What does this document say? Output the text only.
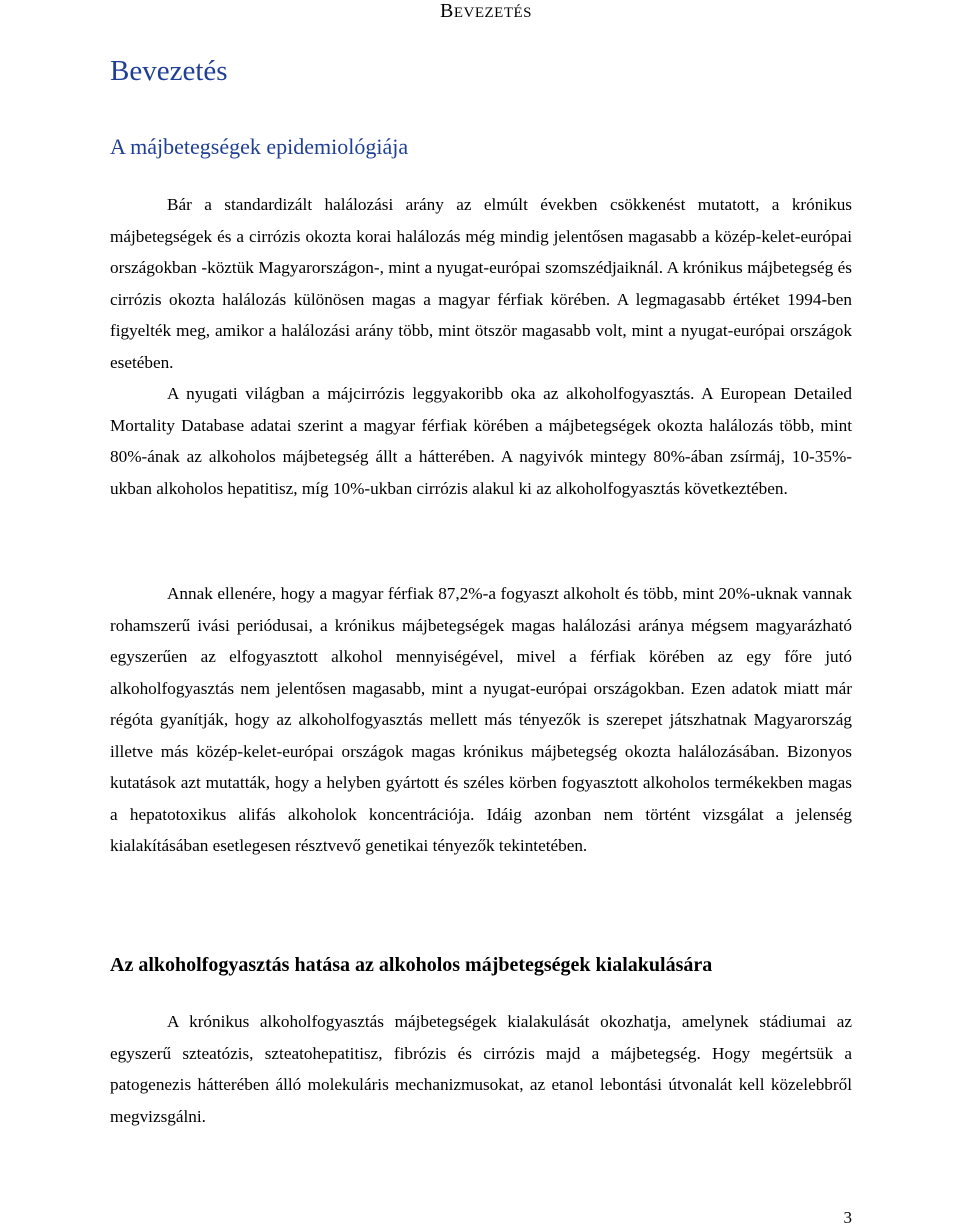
BEVEZETÉS
Bevezetés
A májbetegségek epidemiológiája

Bár a standardizált halálozási arány az elmúlt években csökkenést mutatott, a krónikus májbetegségek és a cirrózis okozta korai halálozás még mindig jelentősen magasabb a közép-kelet-európai országokban -köztük Magyarországon-, mint a nyugat-európai szomszédjaiknál. A krónikus májbetegség és cirrózis okozta halálozás különösen magas a magyar férfiak körében. A legmagasabb értéket 1994-ben figyelték meg, amikor a halálozási arány több, mint ötször magasabb volt, mint a nyugat-európai országok esetében.

A nyugati világban a májcirrózis leggyakoribb oka az alkoholfogyasztás. A European Detailed Mortality Database adatai szerint a magyar férfiak körében a májbetegségek okozta halálozás több, mint 80%-ának az alkoholos májbetegség állt a hátterében. A nagyivók mintegy 80%-ában zsírmáj, 10-35%-ukban alkoholos hepatitisz, míg 10%-ukban cirrózis alakul ki az alkoholfogyasztás következtében.

Annak ellenére, hogy a magyar férfiak 87,2%-a fogyaszt alkoholt és több, mint 20%-uknak vannak rohamszerű ivási periódusai, a krónikus májbetegségek magas halálozási aránya mégsem magyarázható egyszerűen az elfogyasztott alkohol mennyiségével, mivel a férfiak körében az egy főre jutó alkoholfogyasztás nem jelentősen magasabb, mint a nyugat-európai országokban. Ezen adatok miatt már régóta gyanítják, hogy az alkoholfogyasztás mellett más tényezők is szerepet játszhatnak Magyarország illetve más közép-kelet-európai országok magas krónikus májbetegség okozta halálozásában. Bizonyos kutatások azt mutatták, hogy a helyben gyártott és széles körben fogyasztott alkoholos termékekben magas a hepatotoxikus alifás alkoholok koncentrációja. Idáig azonban nem történt vizsgálat a jelenség kialakításában esetlegesen résztvevő genetikai tényezők tekintetében.

Az alkoholfogyasztás hatása az alkoholos májbetegségek kialakulására

A krónikus alkoholfogyasztás májbetegségek kialakulását okozhatja, amelynek stádiumai az egyszerű szteatózis, szteatohepatitisz, fibrózis és cirrózis majd a májbetegség. Hogy megértsük a patogenezis hátterében álló molekuláris mechanizmusokat, az etanol lebontási útvonalát kell közelebbről megvizsgálni.

3
